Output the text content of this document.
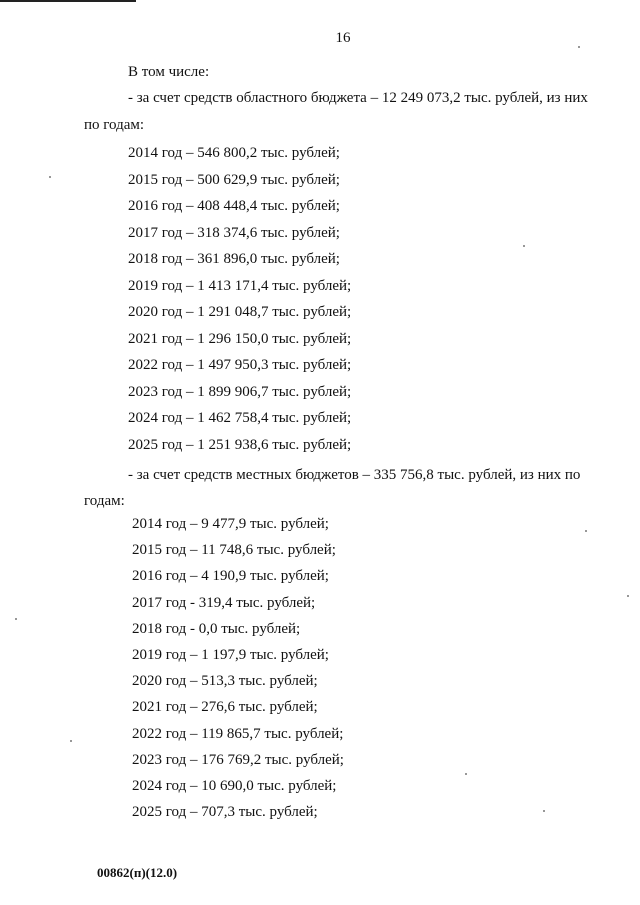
16
В том числе:
- за счет средств областного бюджета – 12 249 073,2 тыс. рублей, из них
по годам:
2014 год – 546 800,2 тыс. рублей;
2015 год – 500 629,9 тыс. рублей;
2016 год – 408 448,4 тыс. рублей;
2017 год – 318 374,6 тыс. рублей;
2018 год – 361 896,0 тыс. рублей;
2019 год – 1 413 171,4 тыс. рублей;
2020 год – 1 291 048,7 тыс. рублей;
2021 год – 1 296 150,0 тыс. рублей;
2022 год – 1 497 950,3 тыс. рублей;
2023 год – 1 899 906,7 тыс. рублей;
2024 год – 1 462 758,4 тыс. рублей;
2025 год – 1 251 938,6 тыс. рублей;
- за счет средств местных бюджетов – 335 756,8 тыс. рублей, из них по
годам:
2014 год – 9 477,9 тыс. рублей;
2015 год – 11 748,6 тыс. рублей;
2016 год – 4 190,9 тыс. рублей;
2017 год - 319,4 тыс. рублей;
2018 год - 0,0 тыс. рублей;
2019 год – 1 197,9 тыс. рублей;
2020 год – 513,3 тыс. рублей;
2021 год – 276,6 тыс. рублей;
2022 год – 119 865,7 тыс. рублей;
2023 год – 176 769,2 тыс. рублей;
2024 год – 10 690,0 тыс. рублей;
2025 год – 707,3 тыс. рублей;
00862(п)(12.0)
